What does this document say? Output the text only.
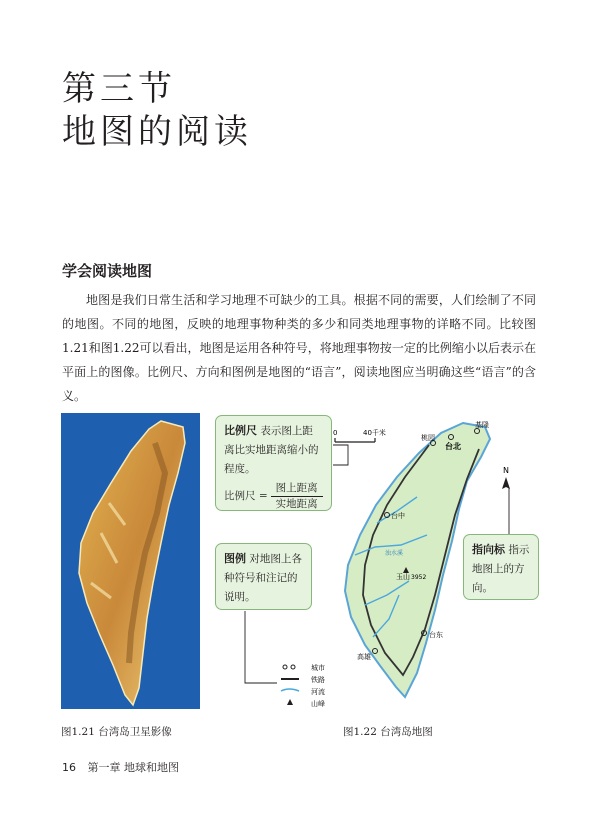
第三节
地图的阅读
学会阅读地图

地图是我们日常生活和学习地理不可缺少的工具。根据不同的需要，人们绘制了不同的地图。不同的地图，反映的地理事物种类的多少和同类地理事物的详略不同。比较图1.21和图1.22可以看出，地图是运用各种符号，将地理事物按一定的比例缩小以后表示在平面上的图像。比例尺、方向和图例是地图的“语言”，阅读地图应当明确这些“语言”的含义。

0	40千米
N
桃园
台北
基隆
台中
浊水溪
玉山 3952
台东
高雄
城市
铁路
河流
山峰
比例尺 表示图上距离比实地距离缩小的程度。
比例尺 = $\frac{\text{图上距离}}{\text{实地距离}}$
图例 对地图上各种符号和注记的说明。
指向标 指示地图上的方向。
图1.21 台湾岛卫星影像	图1.22 台湾岛地图
16 第一章 地球和地图
